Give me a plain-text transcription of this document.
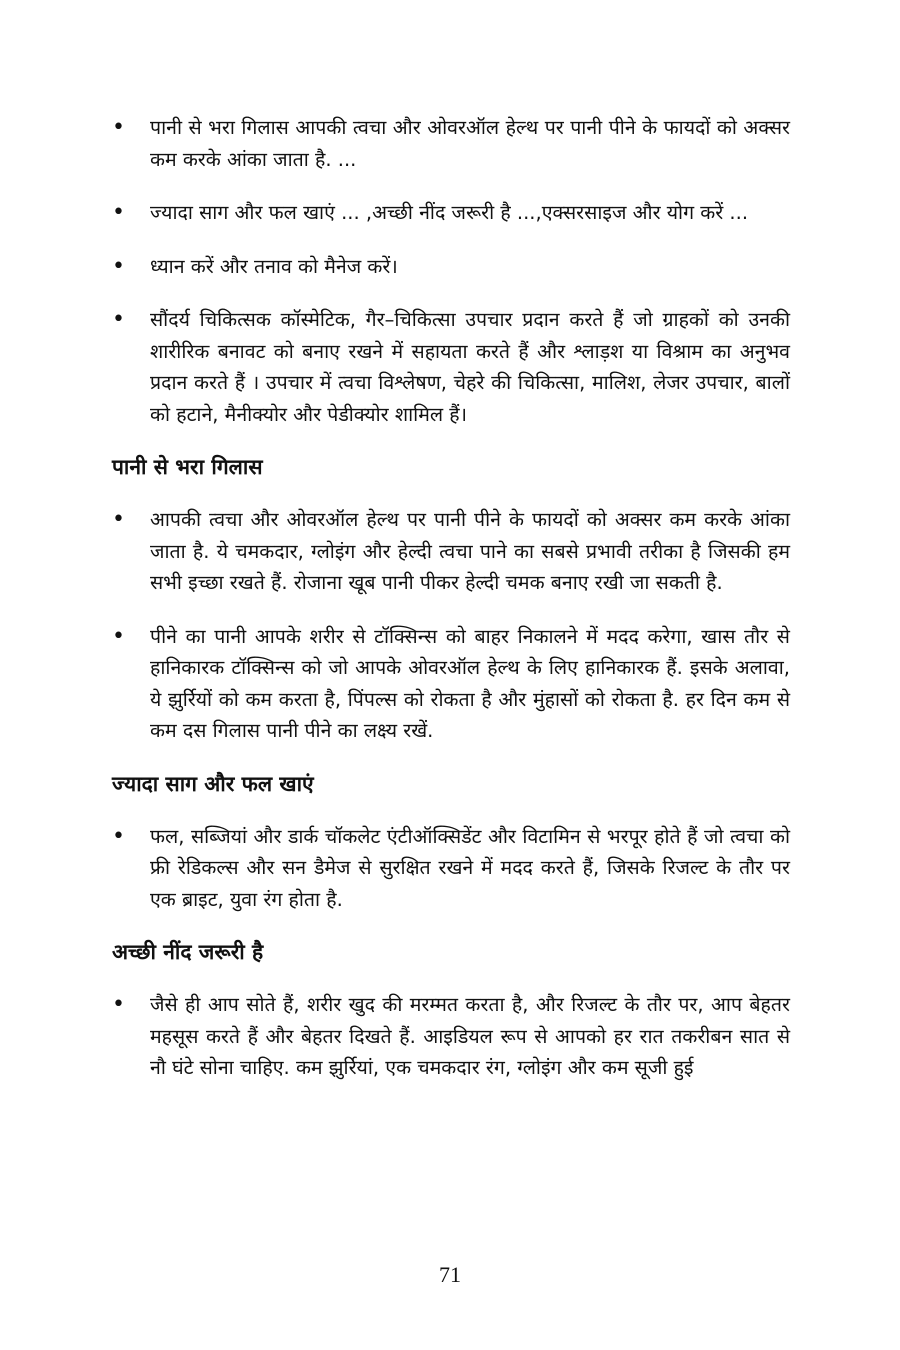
• पानी से भरा गिलास आपकी त्वचा और ओवरऑल हेल्थ पर पानी पीने के फायदों को अक्सर कम करके आंका जाता है. ...
• ज्यादा साग और फल खाएं ... ,अच्छी नींद जरूरी है ...,एक्सरसाइज और योग करें ...
• ध्यान करें और तनाव को मैनेज करें।
• सौंदर्य चिकित्सक कॉस्मेटिक, गैर–चिकित्सा उपचार प्रदान करते हैं जो ग्राहकों को उनकी शारीरिक बनावट को बनाए रखने में सहायता करते हैं और श्लाड़श या विश्राम का अनुभव प्रदान करते हैं । उपचार में त्वचा विश्लेषण, चेहरे की चिकित्सा, मालिश, लेजर उपचार, बालों को हटाने, मैनीक्योर और पेडीक्योर शामिल हैं।
पानी से भरा गिलास
• आपकी त्वचा और ओवरऑल हेल्थ पर पानी पीने के फायदों को अक्सर कम करके आंका जाता है. ये चमकदार, ग्लोइंग और हेल्दी त्वचा पाने का सबसे प्रभावी तरीका है जिसकी हम सभी इच्छा रखते हैं. रोजाना खूब पानी पीकर हेल्दी चमक बनाए रखी जा सकती है.
• पीने का पानी आपके शरीर से टॉक्सिन्स को बाहर निकालने में मदद करेगा, खास तौर से हानिकारक टॉक्सिन्स को जो आपके ओवरऑल हेल्थ के लिए हानिकारक हैं. इसके अलावा, ये झुर्रियों को कम करता है, पिंपल्स को रोकता है और मुंहासों को रोकता है. हर दिन कम से कम दस गिलास पानी पीने का लक्ष्य रखें.
ज्यादा साग और फल खाएं
• फल, सब्जियां और डार्क चॉकलेट एंटीऑक्सिडेंट और विटामिन से भरपूर होते हैं जो त्वचा को फ्री रेडिकल्स और सन डैमेज से सुरक्षित रखने में मदद करते हैं, जिसके रिजल्ट के तौर पर एक ब्राइट, युवा रंग होता है.
अच्छी नींद जरूरी है
• जैसे ही आप सोते हैं, शरीर खुद की मरम्मत करता है, और रिजल्ट के तौर पर, आप बेहतर महसूस करते हैं और बेहतर दिखते हैं. आइडियल रूप से आपको हर रात तकरीबन सात से नौ घंटे सोना चाहिए. कम झुर्रियां, एक चमकदार रंग, ग्लोइंग और कम सूजी हुई
71
